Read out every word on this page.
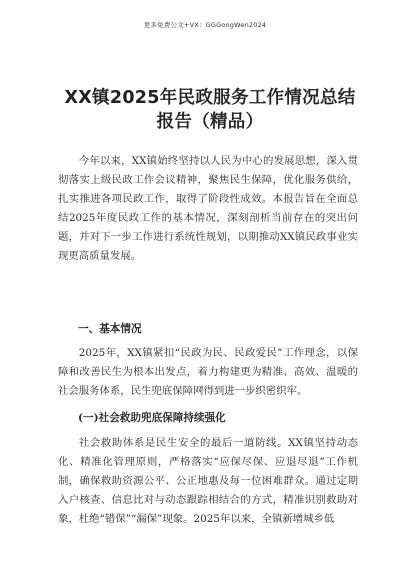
更多免费公文+VX：GGGongWen2024
XX镇2025年民政服务工作情况总结报告（精品）

今年以来，XX镇始终坚持以人民为中心的发展思想，深入贯彻落实上级民政工作会议精神，聚焦民生保障，优化服务供给，扎实推进各项民政工作，取得了阶段性成效。本报告旨在全面总结2025年度民政工作的基本情况，深刻剖析当前存在的突出问题，并对下一步工作进行系统性规划，以期推动XX镇民政事业实现更高质量发展。

一、基本情况

2025年，XX镇紧扣“民政为民、民政爱民”工作理念，以保障和改善民生为根本出发点，着力构建更为精准、高效、温暖的社会服务体系，民生兜底保障网得到进一步织密织牢。

(一)社会救助兜底保障持续强化

社会救助体系是民生安全的最后一道防线。XX镇坚持动态化、精准化管理原则，严格落实“应保尽保、应退尽退”工作机制，确保救助资源公平、公正地惠及每一位困难群众。通过定期入户核查、信息比对与动态跟踪相结合的方式，精准识别救助对象，杜绝“错保”“漏保”现象。2025年以来，全镇新增城乡低
